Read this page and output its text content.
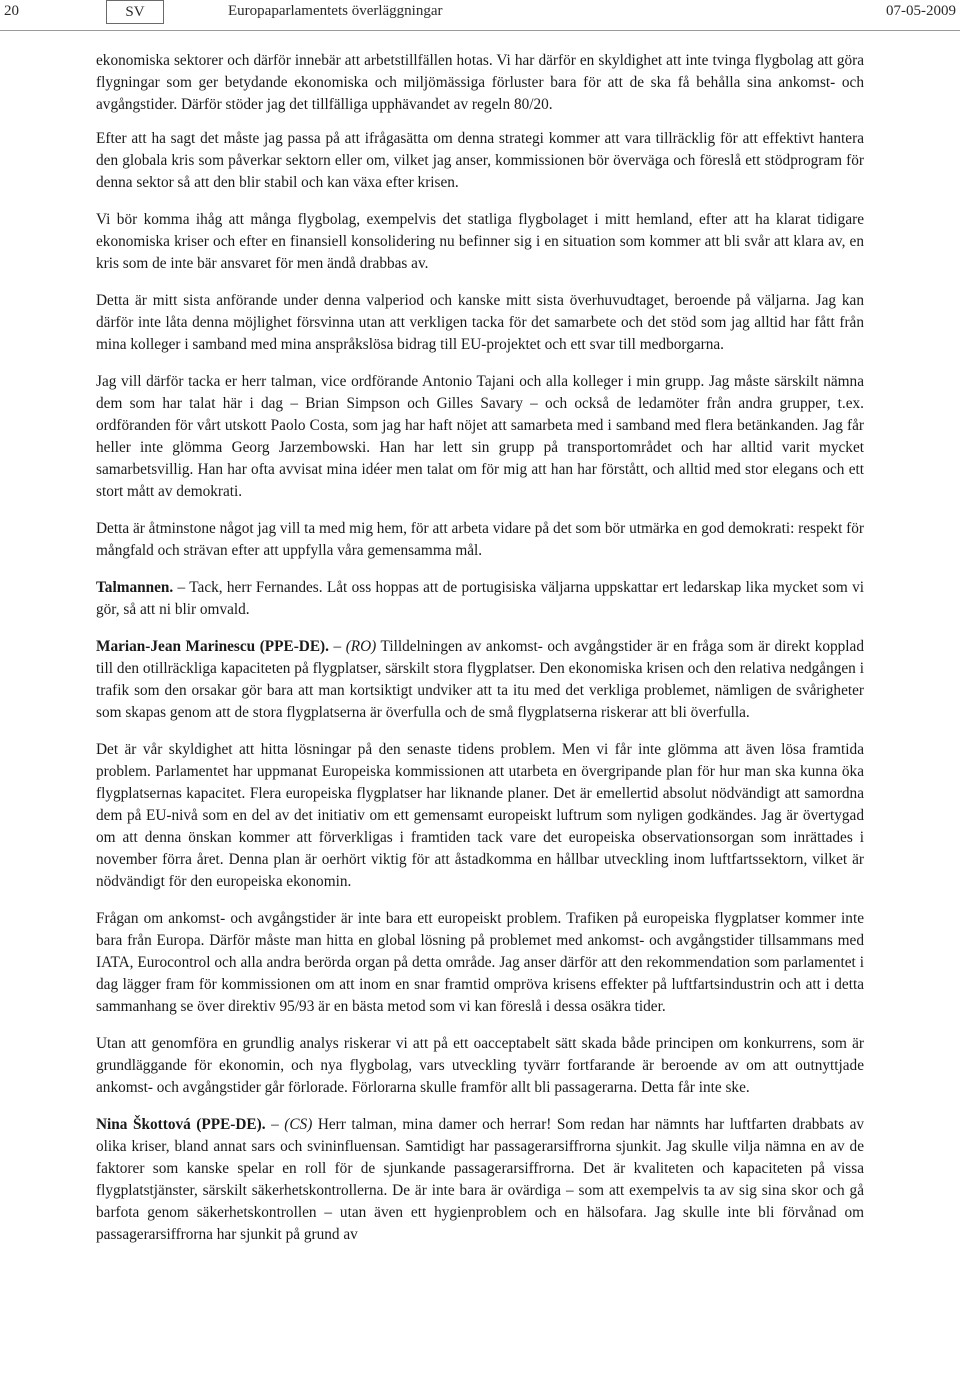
20	SV	Europaparlamentets överläggningar	07-05-2009

ekonomiska sektorer och därför innebär att arbetstillfällen hotas. Vi har därför en skyldighet att inte tvinga flygbolag att göra flygningar som ger betydande ekonomiska och miljömässiga förluster bara för att de ska få behålla sina ankomst- och avgångstider. Därför stöder jag det tillfälliga upphävandet av regeln 80/20.

Efter att ha sagt det måste jag passa på att ifrågasätta om denna strategi kommer att vara tillräcklig för att effektivt hantera den globala kris som påverkar sektorn eller om, vilket jag anser, kommissionen bör överväga och föreslå ett stödprogram för denna sektor så att den blir stabil och kan växa efter krisen.

Vi bör komma ihåg att många flygbolag, exempelvis det statliga flygbolaget i mitt hemland, efter att ha klarat tidigare ekonomiska kriser och efter en finansiell konsolidering nu befinner sig i en situation som kommer att bli svår att klara av, en kris som de inte bär ansvaret för men ändå drabbas av.

Detta är mitt sista anförande under denna valperiod och kanske mitt sista överhuvudtaget, beroende på väljarna. Jag kan därför inte låta denna möjlighet försvinna utan att verkligen tacka för det samarbete och det stöd som jag alltid har fått från mina kolleger i samband med mina anspråkslösa bidrag till EU-projektet och ett svar till medborgarna.

Jag vill därför tacka er herr talman, vice ordförande Antonio Tajani och alla kolleger i min grupp. Jag måste särskilt nämna dem som har talat här i dag – Brian Simpson och Gilles Savary – och också de ledamöter från andra grupper, t.ex. ordföranden för vårt utskott Paolo Costa, som jag har haft nöjet att samarbeta med i samband med flera betänkanden. Jag får heller inte glömma Georg Jarzembowski. Han har lett sin grupp på transportområdet och har alltid varit mycket samarbetsvillig. Han har ofta avvisat mina idéer men talat om för mig att han har förstått, och alltid med stor elegans och ett stort mått av demokrati.

Detta är åtminstone något jag vill ta med mig hem, för att arbeta vidare på det som bör utmärka en god demokrati: respekt för mångfald och strävan efter att uppfylla våra gemensamma mål.

Talmannen. – Tack, herr Fernandes. Låt oss hoppas att de portugisiska väljarna uppskattar ert ledarskap lika mycket som vi gör, så att ni blir omvald.

Marian-Jean Marinescu (PPE-DE). – (RO) Tilldelningen av ankomst- och avgångstider är en fråga som är direkt kopplad till den otillräckliga kapaciteten på flygplatser, särskilt stora flygplatser. Den ekonomiska krisen och den relativa nedgången i trafik som den orsakar gör bara att man kortsiktigt undviker att ta itu med det verkliga problemet, nämligen de svårigheter som skapas genom att de stora flygplatserna är överfulla och de små flygplatserna riskerar att bli överfulla.

Det är vår skyldighet att hitta lösningar på den senaste tidens problem. Men vi får inte glömma att även lösa framtida problem. Parlamentet har uppmanat Europeiska kommissionen att utarbeta en övergripande plan för hur man ska kunna öka flygplatsernas kapacitet. Flera europeiska flygplatser har liknande planer. Det är emellertid absolut nödvändigt att samordna dem på EU-nivå som en del av det initiativ om ett gemensamt europeiskt luftrum som nyligen godkändes. Jag är övertygad om att denna önskan kommer att förverkligas i framtiden tack vare det europeiska observationsorgan som inrättades i november förra året. Denna plan är oerhört viktig för att åstadkomma en hållbar utveckling inom luftfartssektorn, vilket är nödvändigt för den europeiska ekonomin.

Frågan om ankomst- och avgångstider är inte bara ett europeiskt problem. Trafiken på europeiska flygplatser kommer inte bara från Europa. Därför måste man hitta en global lösning på problemet med ankomst- och avgångstider tillsammans med IATA, Eurocontrol och alla andra berörda organ på detta område. Jag anser därför att den rekommendation som parlamentet i dag lägger fram för kommissionen om att inom en snar framtid ompröva krisens effekter på luftfartsindustrin och att i detta sammanhang se över direktiv 95/93 är en bästa metod som vi kan föreslå i dessa osäkra tider.

Utan att genomföra en grundlig analys riskerar vi att på ett oacceptabelt sätt skada både principen om konkurrens, som är grundläggande för ekonomin, och nya flygbolag, vars utveckling tyvärr fortfarande är beroende av om att outnyttjade ankomst- och avgångstider går förlorade. Förlorarna skulle framför allt bli passagerarna. Detta får inte ske.

Nina Škottová (PPE-DE). – (CS) Herr talman, mina damer och herrar! Som redan har nämnts har luftfarten drabbats av olika kriser, bland annat sars och svininfluensan. Samtidigt har passagerarsiffrorna sjunkit. Jag skulle vilja nämna en av de faktorer som kanske spelar en roll för de sjunkande passagerarsiffrorna. Det är kvaliteten och kapaciteten på vissa flygplatstjänster, särskilt säkerhetskontrollerna. De är inte bara är ovärdiga – som att exempelvis ta av sig sina skor och gå barfota genom säkerhetskontrollen – utan även ett hygienproblem och en hälsofara. Jag skulle inte bli förvånad om passagerarsiffrorna har sjunkit på grund av
